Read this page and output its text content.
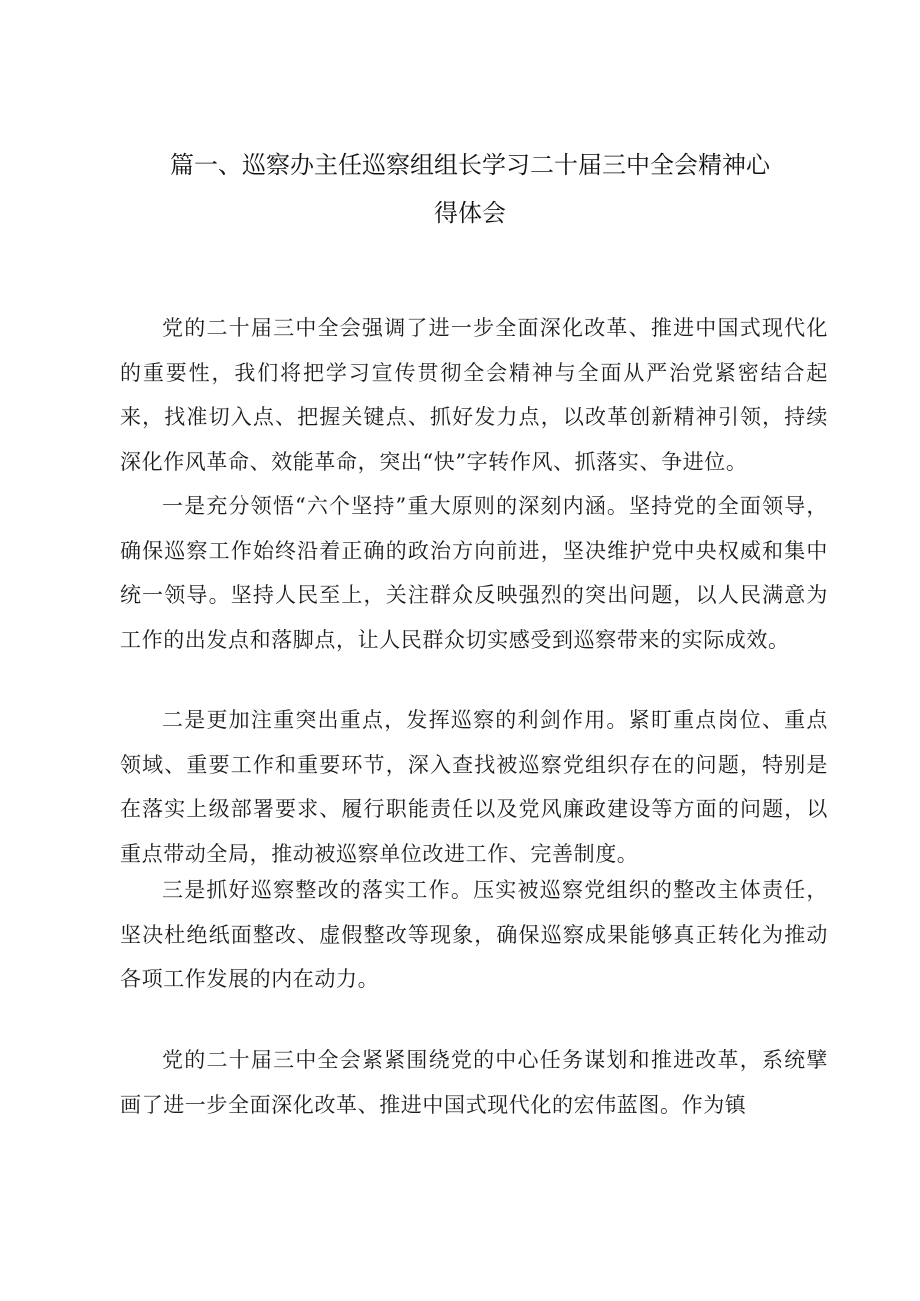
篇一、巡察办主任巡察组组长学习二十届三中全会精神心
得体会

党的二十届三中全会强调了进一步全面深化改革、推进中国式现代化的重要性，我们将把学习宣传贯彻全会精神与全面从严治党紧密结合起来，找准切入点、把握关键点、抓好发力点，以改革创新精神引领，持续深化作风革命、效能革命，突出“快”字转作风、抓落实、争进位。

一是充分领悟“六个坚持”重大原则的深刻内涵。坚持党的全面领导，确保巡察工作始终沿着正确的政治方向前进，坚决维护党中央权威和集中统一领导。坚持人民至上，关注群众反映强烈的突出问题，以人民满意为工作的出发点和落脚点，让人民群众切实感受到巡察带来的实际成效。

二是更加注重突出重点，发挥巡察的利剑作用。紧盯重点岗位、重点领域、重要工作和重要环节，深入查找被巡察党组织存在的问题，特别是在落实上级部署要求、履行职能责任以及党风廉政建设等方面的问题，以重点带动全局，推动被巡察单位改进工作、完善制度。

三是抓好巡察整改的落实工作。压实被巡察党组织的整改主体责任，坚决杜绝纸面整改、虚假整改等现象，确保巡察成果能够真正转化为推动各项工作发展的内在动力。

党的二十届三中全会紧紧围绕党的中心任务谋划和推进改革，系统擘画了进一步全面深化改革、推进中国式现代化的宏伟蓝图。作为镇
